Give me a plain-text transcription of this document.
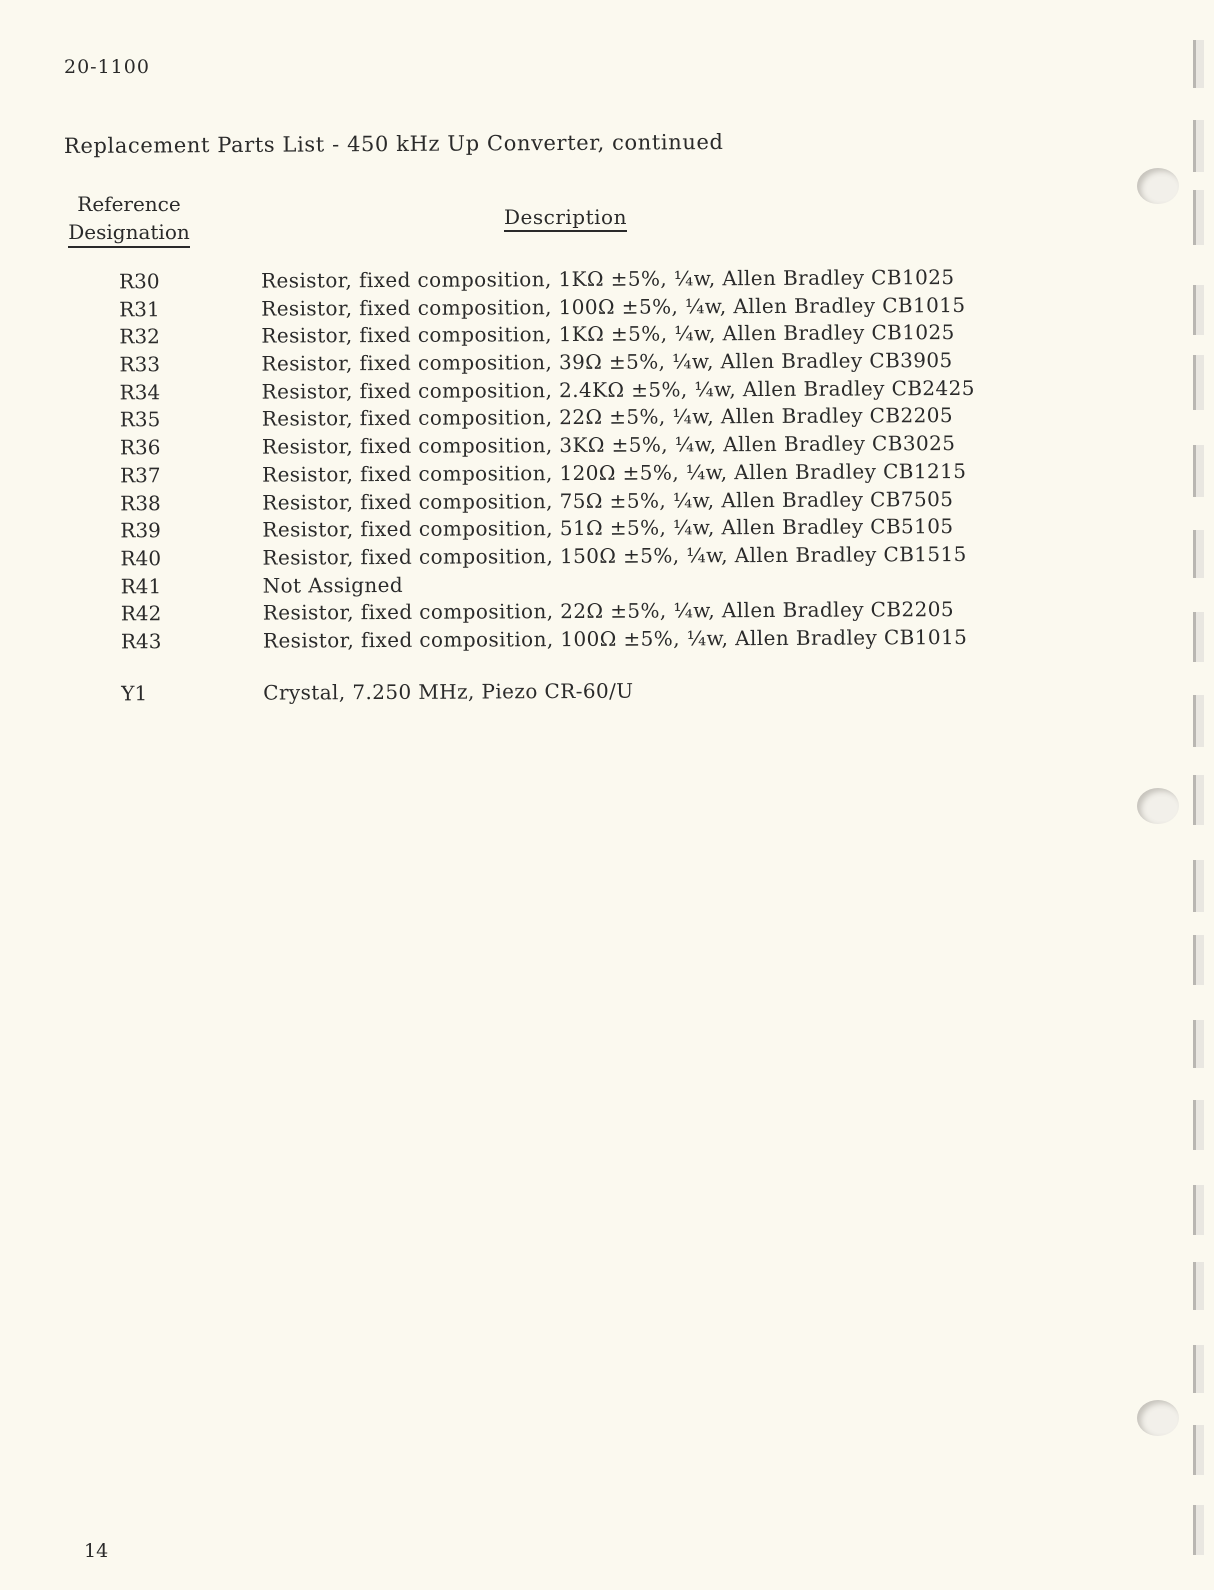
20-1100
Replacement Parts List - 450 kHz Up Converter, continued
Reference
Designation
Description
R30	Resistor, fixed composition, 1KΩ ±5%, ¼w, Allen Bradley CB1025
R31	Resistor, fixed composition, 100Ω ±5%, ¼w, Allen Bradley CB1015
R32	Resistor, fixed composition, 1KΩ ±5%, ¼w, Allen Bradley CB1025
R33	Resistor, fixed composition, 39Ω ±5%, ¼w, Allen Bradley CB3905
R34	Resistor, fixed composition, 2.4KΩ ±5%, ¼w, Allen Bradley CB2425
R35	Resistor, fixed composition, 22Ω ±5%, ¼w, Allen Bradley CB2205
R36	Resistor, fixed composition, 3KΩ ±5%, ¼w, Allen Bradley CB3025
R37	Resistor, fixed composition, 120Ω ±5%, ¼w, Allen Bradley CB1215
R38	Resistor, fixed composition, 75Ω ±5%, ¼w, Allen Bradley CB7505
R39	Resistor, fixed composition, 51Ω ±5%, ¼w, Allen Bradley CB5105
R40	Resistor, fixed composition, 150Ω ±5%, ¼w, Allen Bradley CB1515
R41	Not Assigned
R42	Resistor, fixed composition, 22Ω ±5%, ¼w, Allen Bradley CB2205
R43	Resistor, fixed composition, 100Ω ±5%, ¼w, Allen Bradley CB1015
Y1	Crystal, 7.250 MHz, Piezo CR-60/U
14
